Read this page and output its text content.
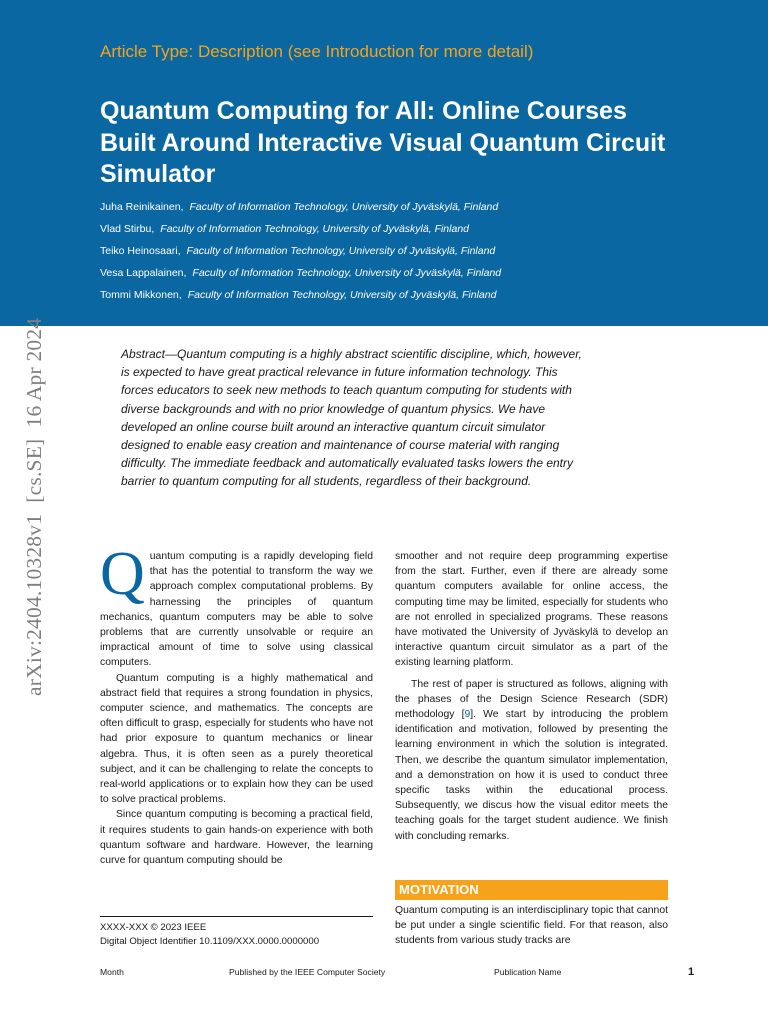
Article Type: Description (see Introduction for more detail)
Quantum Computing for All: Online Courses Built Around Interactive Visual Quantum Circuit Simulator
Juha Reinikainen, Faculty of Information Technology, University of Jyväskylä, Finland
Vlad Stirbu, Faculty of Information Technology, University of Jyväskylä, Finland
Teiko Heinosaari, Faculty of Information Technology, University of Jyväskylä, Finland
Vesa Lappalainen, Faculty of Information Technology, University of Jyväskylä, Finland
Tommi Mikkonen, Faculty of Information Technology, University of Jyväskylä, Finland
arXiv:2404.10328v1  [cs.SE]  16 Apr 2024	Abstract—Quantum computing is a highly abstract scientific discipline, which, however, is expected to have great practical relevance in future information technology. This forces educators to seek new methods to teach quantum computing for students with diverse backgrounds and with no prior knowledge of quantum physics. We have developed an online course built around an interactive quantum circuit simulator designed to enable easy creation and maintenance of course material with ranging difficulty. The immediate feedback and automatically evaluated tasks lowers the entry barrier to quantum computing for all students, regardless of their background.

Quantum computing is a rapidly developing field that has the potential to transform the way we approach complex computational problems. By harnessing the principles of quantum mechanics, quantum computers may be able to solve problems that are currently unsolvable or require an impractical amount of time to solve using classical computers.

Quantum computing is a highly mathematical and abstract field that requires a strong foundation in physics, computer science, and mathematics. The concepts are often difficult to grasp, especially for students who have not had prior exposure to quantum mechanics or linear algebra. Thus, it is often seen as a purely theoretical subject, and it can be challenging to relate the concepts to real-world applications or to explain how they can be used to solve practical problems.

Since quantum computing is becoming a practical field, it requires students to gain hands-on experience with both quantum software and hardware. However, the learning curve for quantum computing should be

smoother and not require deep programming expertise from the start. Further, even if there are already some quantum computers available for online access, the computing time may be limited, especially for students who are not enrolled in specialized programs. These reasons have motivated the University of Jyväskylä to develop an interactive quantum circuit simulator as a part of the existing learning platform.

The rest of paper is structured as follows, aligning with the phases of the Design Science Research (SDR) methodology [9]. We start by introducing the problem identification and motivation, followed by presenting the learning environment in which the solution is integrated. Then, we describe the quantum simulator implementation, and a demonstration on how it is used to conduct three specific tasks within the educational process. Subsequently, we discus how the visual editor meets the teaching goals for the target student audience. We finish with concluding remarks.

MOTIVATION

Quantum computing is an interdisciplinary topic that cannot be put under a single scientific field. For that reason, also students from various study tracks are

XXXX-XXX © 2023 IEEE
Digital Object Identifier 10.1109/XXX.0000.0000000
Month	Published by the IEEE Computer Society	Publication Name	1
